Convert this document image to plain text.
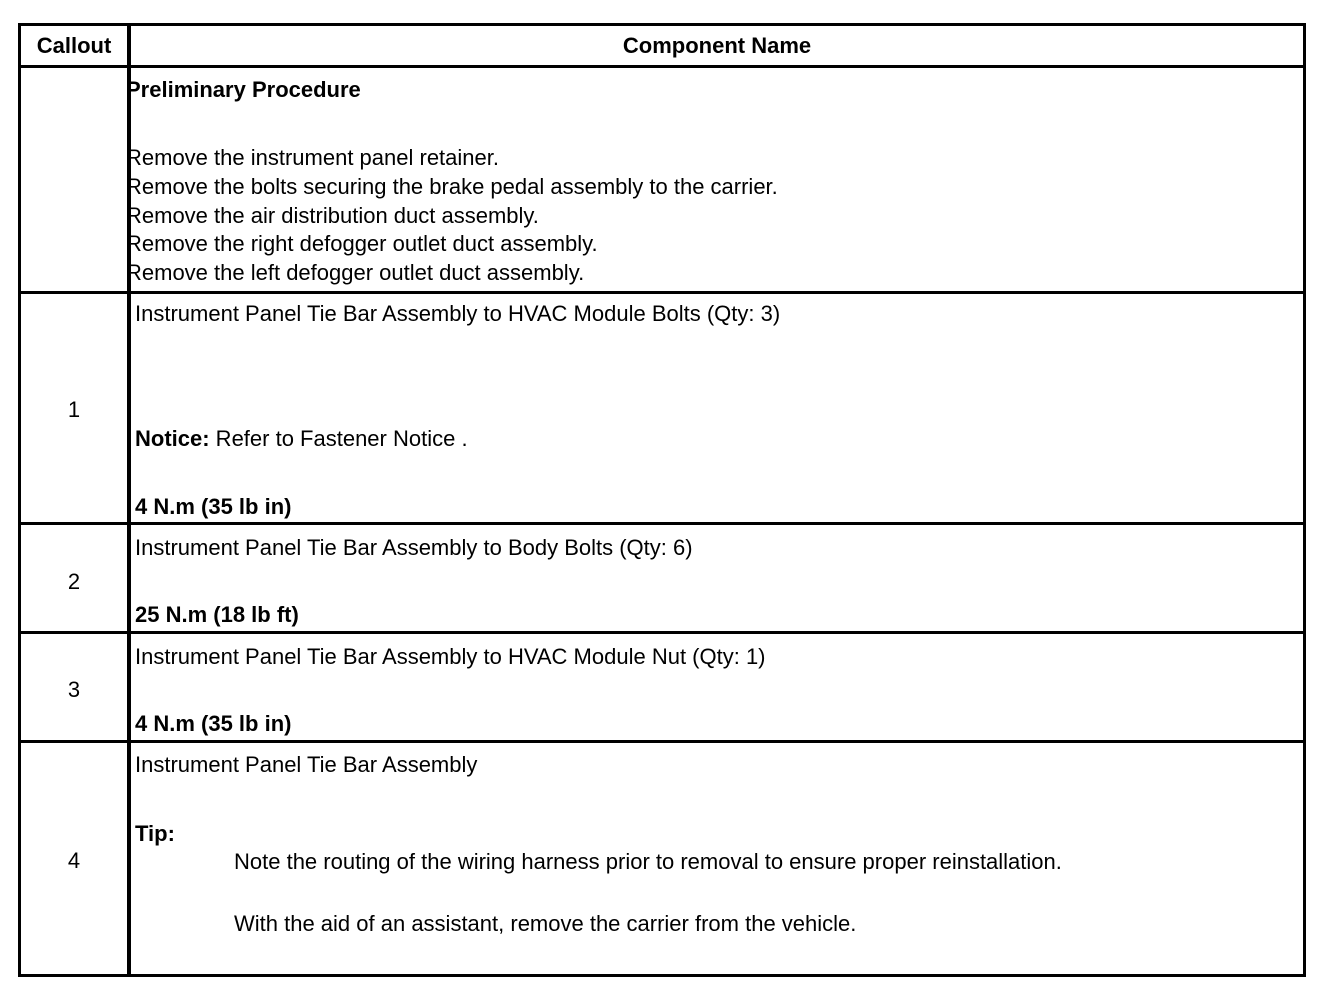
Callout	Component Name
Preliminary Procedure
Remove the instrument panel retainer.
Remove the bolts securing the brake pedal assembly to the carrier.
Remove the air distribution duct assembly.
Remove the right defogger outlet duct assembly.
Remove the left defogger outlet duct assembly.
1
Instrument Panel Tie Bar Assembly to HVAC Module Bolts (Qty: 3)
Notice: Refer to Fastener Notice .
4 N.m (35 lb in)
2
Instrument Panel Tie Bar Assembly to Body Bolts (Qty: 6)
25 N.m (18 lb ft)
3
Instrument Panel Tie Bar Assembly to HVAC Module Nut (Qty: 1)
4 N.m (35 lb in)
4
Instrument Panel Tie Bar Assembly
Tip:
Note the routing of the wiring harness prior to removal to ensure proper reinstallation.
With the aid of an assistant, remove the carrier from the vehicle.
